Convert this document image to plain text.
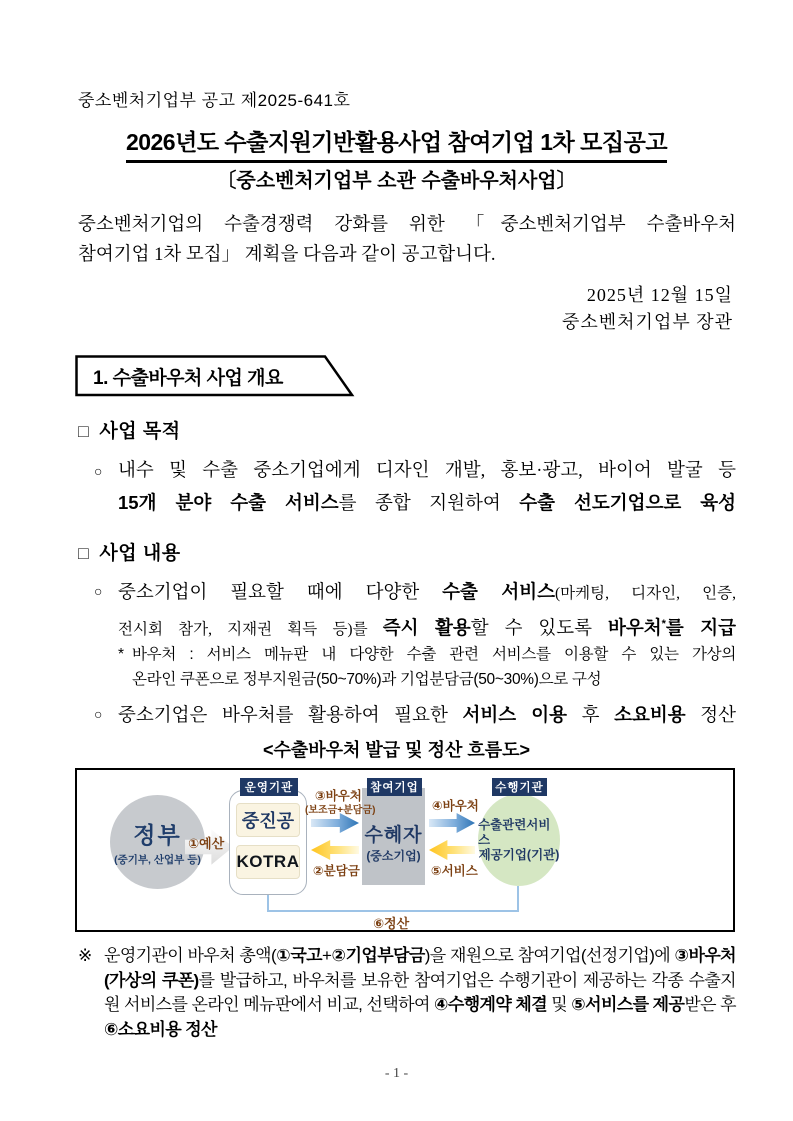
중소벤처기업부 공고 제2025-641호
2026년도 수출지원기반활용사업 참여기업 1차 모집공고
〔중소벤처기업부 소관 수출바우처사업〕
중소벤처기업의 수출경쟁력 강화를 위한 「중소벤처기업부 수출바우처
참여기업 1차 모집」 계획을 다음과 같이 공고합니다.
2025년 12월 15일
중소벤처기업부 장관
1. 수출바우처 사업 개요
□ 사업 목적
○ 내수 및 수출 중소기업에게 디자인 개발, 홍보·광고, 바이어 발굴 등
15개 분야 수출 서비스를 종합 지원하여 수출 선도기업으로 육성
□ 사업 내용
○ 중소기업이 필요할 때에 다양한 수출 서비스(마케팅, 디자인, 인증,
전시회 참가, 지재권 획득 등)를 즉시 활용할 수 있도록 바우처*를 지급
* 바우처 : 서비스 메뉴판 내 다양한 수출 관련 서비스를 이용할 수 있는 가상의
온라인 쿠폰으로 정부지원금(50~70%)과 기업분담금(50~30%)으로 구성
○ 중소기업은 바우처를 활용하여 필요한 서비스 이용 후 소요비용 정산
<수출바우처 발급 및 정산 흐름도>
정부
(중기부, 산업부 등)
①예산
운영기관
중진공
KOTRA
③바우처
(보조금+분담금)
②분담금
참여기업
수혜자
(중소기업)
④바우처
⑤서비스
수행기관
수출관련서비스
제공기업(기관)
⑥정산
※ 운영기관이 바우처 총액(①국고+②기업부담금)을 재원으로 참여기업(선정기업)에 ③바우처(가상의 쿠폰)를 발급하고, 바우처를 보유한 참여기업은 수행기관이 제공하는 각종 수출지원 서비스를 온라인 메뉴판에서 비교, 선택하여 ④수행계약 체결 및 ⑤서비스를 제공받은 후 ⑥소요비용 정산
- 1 -
